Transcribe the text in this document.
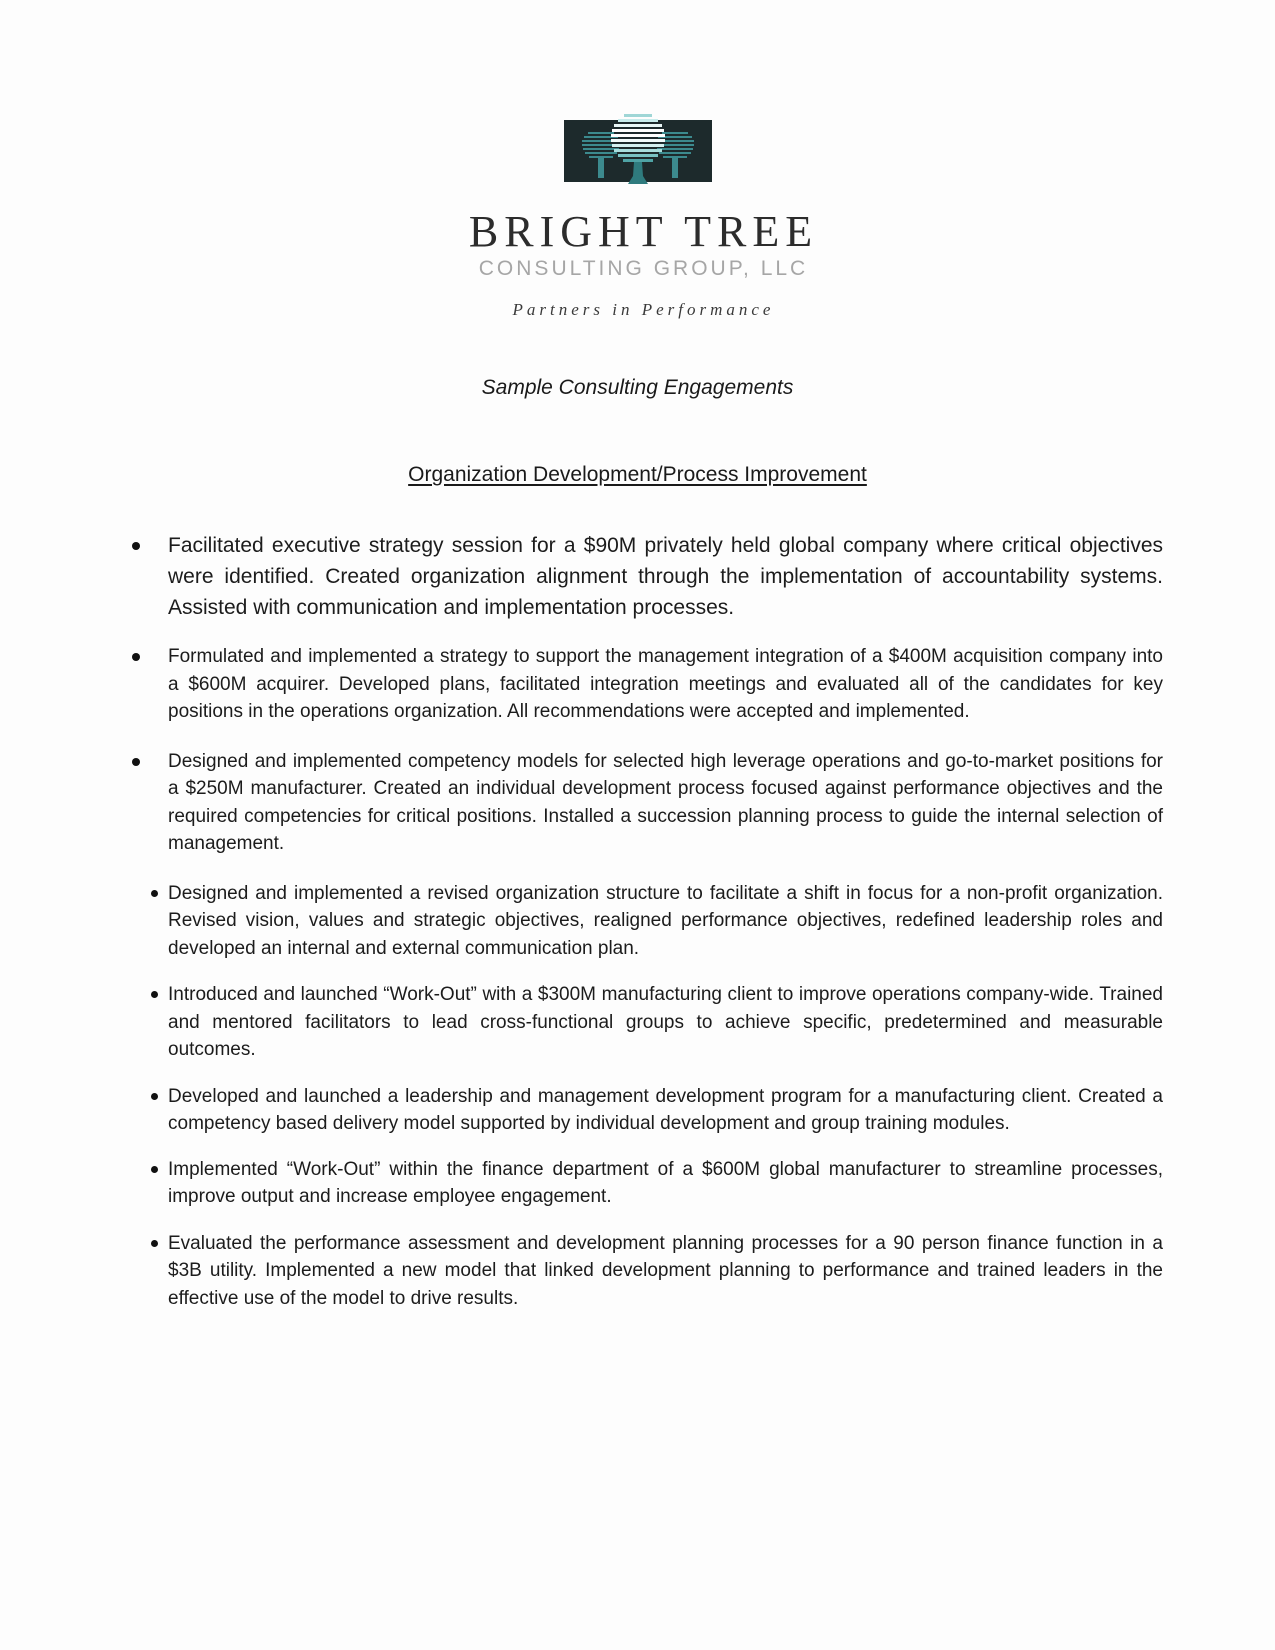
BRIGHT TREE
CONSULTING GROUP, LLC
Partners in Performance
Sample Consulting Engagements
Organization Development/Process Improvement
Facilitated executive strategy session for a $90M privately held global company where critical objectives were identified. Created organization alignment through the implementation of accountability systems. Assisted with communication and implementation processes.
Formulated and implemented a strategy to support the management integration of a $400M acquisition company into a $600M acquirer. Developed plans, facilitated integration meetings and evaluated all of the candidates for key positions in the operations organization. All recommendations were accepted and implemented.
Designed and implemented competency models for selected high leverage operations and go-to-market positions for a $250M manufacturer. Created an individual development process focused against performance objectives and the required competencies for critical positions. Installed a succession planning process to guide the internal selection of management.
Designed and implemented a revised organization structure to facilitate a shift in focus for a non-profit organization. Revised vision, values and strategic objectives, realigned performance objectives, redefined leadership roles and developed an internal and external communication plan.
Introduced and launched “Work-Out” with a $300M manufacturing client to improve operations company-wide. Trained and mentored facilitators to lead cross-functional groups to achieve specific, predetermined and measurable outcomes.
Developed and launched a leadership and management development program for a manufacturing client. Created a competency based delivery model supported by individual development and group training modules.
Implemented “Work-Out” within the finance department of a $600M global manufacturer to streamline processes, improve output and increase employee engagement.
Evaluated the performance assessment and development planning processes for a 90 person finance function in a $3B utility. Implemented a new model that linked development planning to performance and trained leaders in the effective use of the model to drive results.
